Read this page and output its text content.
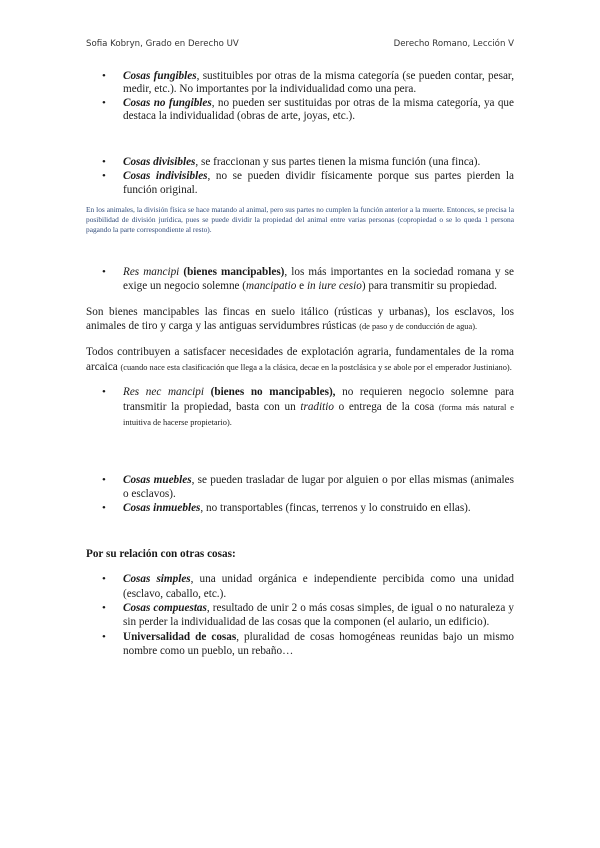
Sofia Kobryn, Grado en Derecho UV	Derecho Romano, Lección V
• Cosas fungibles, sustituibles por otras de la misma categoría (se pueden contar, pesar, medir, etc.). No importantes por la individualidad como una pera.
• Cosas no fungibles, no pueden ser sustituidas por otras de la misma categoría, ya que destaca la individualidad (obras de arte, joyas, etc.).
• Cosas divisibles, se fraccionan y sus partes tienen la misma función (una finca).
• Cosas indivisibles, no se pueden dividir físicamente porque sus partes pierden la función original.

En los animales, la división física se hace matando al animal, pero sus partes no cumplen la función anterior a la muerte. Entonces, se precisa la posibilidad de división jurídica, pues se puede dividir la propiedad del animal entre varias personas (copropiedad o se lo queda 1 persona pagando la parte correspondiente al resto).

• Res mancipi (bienes mancipables), los más importantes en la sociedad romana y se exige un negocio solemne (mancipatio e in iure cesio) para transmitir su propiedad.

Son bienes mancipables las fincas en suelo itálico (rústicas y urbanas), los esclavos, los animales de tiro y carga y las antiguas servidumbres rústicas (de paso y de conducción de agua).

Todos contribuyen a satisfacer necesidades de explotación agraria, fundamentales de la roma arcaica (cuando nace esta clasificación que llega a la clásica, decae en la postclásica y se abole por el emperador Justiniano).

• Res nec mancipi (bienes no mancipables), no requieren negocio solemne para transmitir la propiedad, basta con un traditio o entrega de la cosa (forma más natural e intuitiva de hacerse propietario).
• Cosas muebles, se pueden trasladar de lugar por alguien o por ellas mismas (animales o esclavos).
• Cosas inmuebles, no transportables (fincas, terrenos y lo construido en ellas).

Por su relación con otras cosas:

• Cosas simples, una unidad orgánica e independiente percibida como una unidad (esclavo, caballo, etc.).
• Cosas compuestas, resultado de unir 2 o más cosas simples, de igual o no naturaleza y sin perder la individualidad de las cosas que la componen (el aulario, un edificio).
• Universalidad de cosas, pluralidad de cosas homogéneas reunidas bajo un mismo nombre como un pueblo, un rebaño…
